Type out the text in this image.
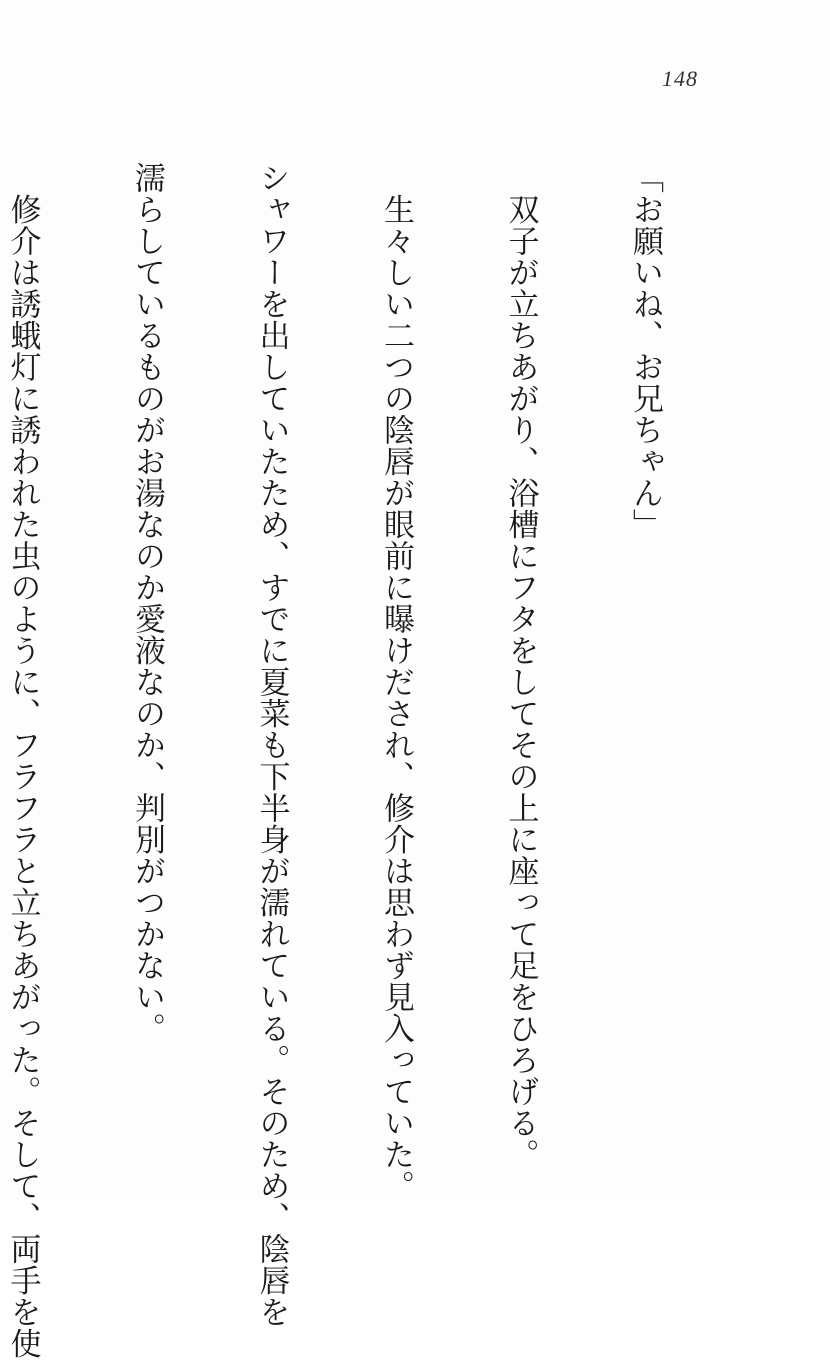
148

「お願いね、お兄ちゃん」

　双子が立ちあがり、浴槽にフタをしてその上に座って足をひろげる。

　生々しい二つの陰唇が眼前に曝けだされ、修介は思わず見入っていた。

シャワーを出していたため、すでに夏菜も下半身が濡れている。そのため、陰唇を

濡らしているものがお湯なのか愛液なのか、判別がつかない。

　修介は誘蛾灯に誘われた虫のように、フラフラと立ちあがった。そして、両手を使
